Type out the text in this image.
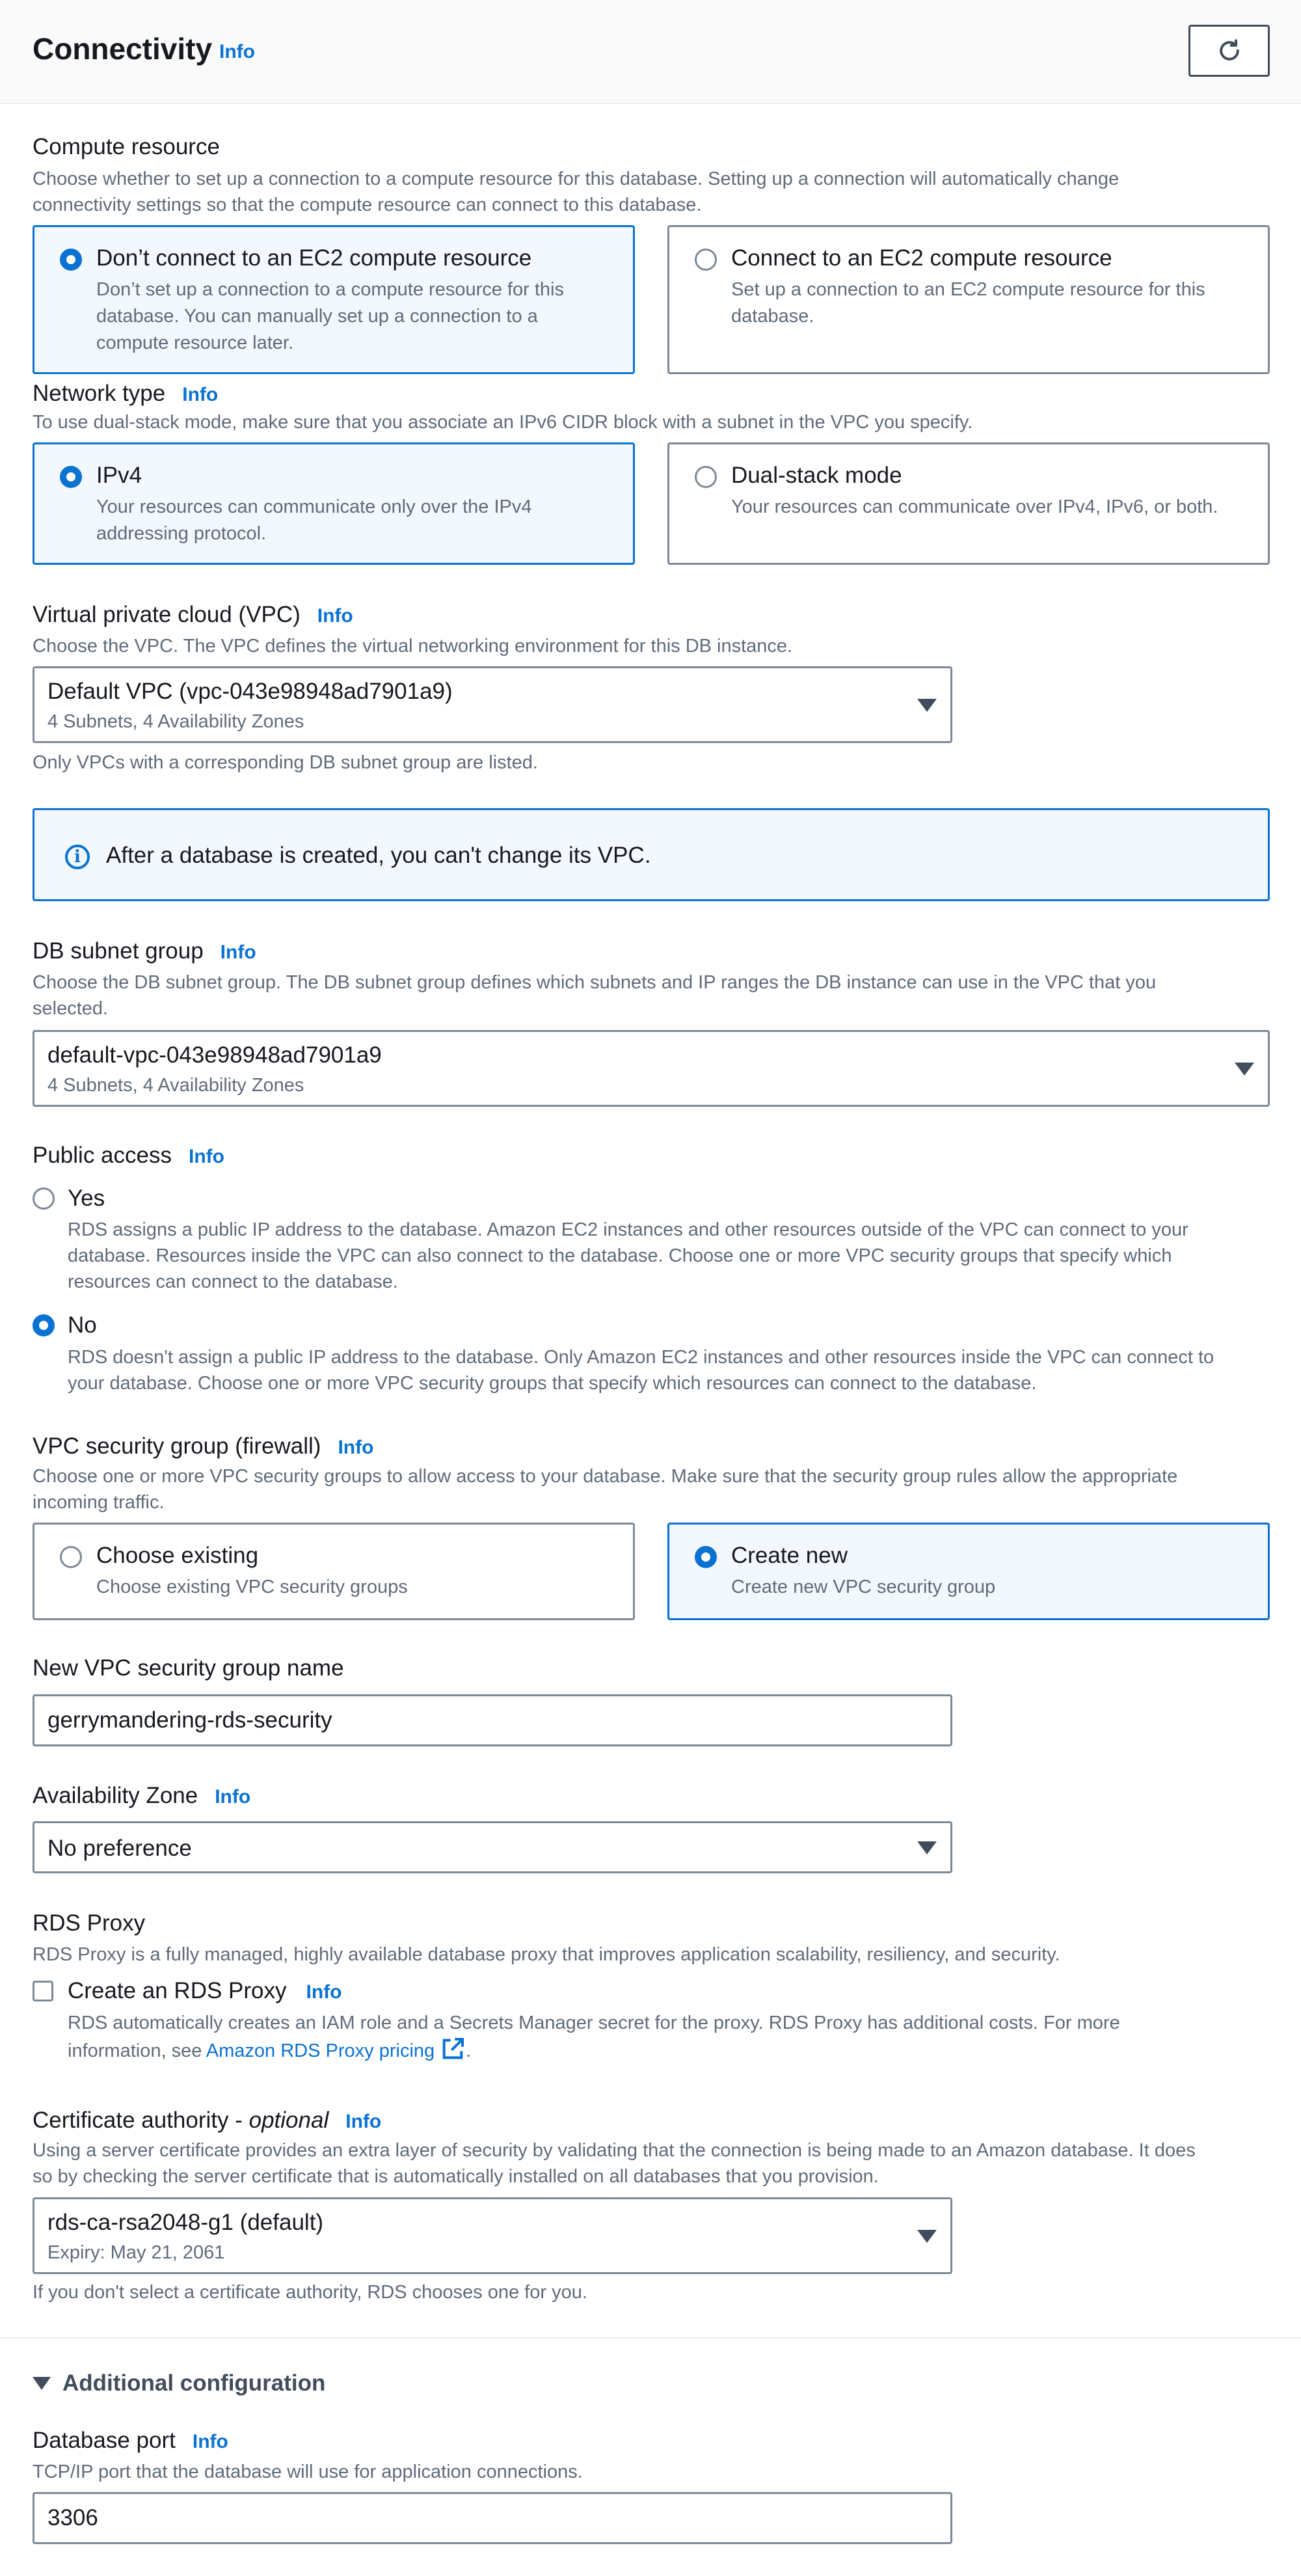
Connectivity Info
Compute resource
Choose whether to set up a connection to a compute resource for this database. Setting up a connection will automatically change
connectivity settings so that the compute resource can connect to this database.
Don’t connect to an EC2 compute resource
Don’t set up a connection to a compute resource for this
database. You can manually set up a connection to a
compute resource later.
Connect to an EC2 compute resource
Set up a connection to an EC2 compute resource for this
database.
Network type Info
To use dual-stack mode, make sure that you associate an IPv6 CIDR block with a subnet in the VPC you specify.
IPv4
Your resources can communicate only over the IPv4
addressing protocol.
Dual-stack mode
Your resources can communicate over IPv4, IPv6, or both.
Virtual private cloud (VPC) Info
Choose the VPC. The VPC defines the virtual networking environment for this DB instance.
Default VPC (vpc-043e98948ad7901a9)
4 Subnets, 4 Availability Zones
Only VPCs with a corresponding DB subnet group are listed.
i	After a database is created, you can't change its VPC.
DB subnet group Info
Choose the DB subnet group. The DB subnet group defines which subnets and IP ranges the DB instance can use in the VPC that you
selected.
default-vpc-043e98948ad7901a9
4 Subnets, 4 Availability Zones
Public access Info
Yes
RDS assigns a public IP address to the database. Amazon EC2 instances and other resources outside of the VPC can connect to your
database. Resources inside the VPC can also connect to the database. Choose one or more VPC security groups that specify which
resources can connect to the database.
No
RDS doesn't assign a public IP address to the database. Only Amazon EC2 instances and other resources inside the VPC can connect to
your database. Choose one or more VPC security groups that specify which resources can connect to the database.
VPC security group (firewall) Info
Choose one or more VPC security groups to allow access to your database. Make sure that the security group rules allow the appropriate
incoming traffic.
Choose existing
Choose existing VPC security groups
Create new
Create new VPC security group
New VPC security group name
gerrymandering-rds-security
Availability Zone Info
No preference
RDS Proxy
RDS Proxy is a fully managed, highly available database proxy that improves application scalability, resiliency, and security.
Create an RDS Proxy Info
RDS automatically creates an IAM role and a Secrets Manager secret for the proxy. RDS Proxy has additional costs. For more
information, see Amazon RDS Proxy pricing .
Certificate authority - optional Info
Using a server certificate provides an extra layer of security by validating that the connection is being made to an Amazon database. It does
so by checking the server certificate that is automatically installed on all databases that you provision.
rds-ca-rsa2048-g1 (default)
Expiry: May 21, 2061
If you don't select a certificate authority, RDS chooses one for you.
Additional configuration
Database port Info
TCP/IP port that the database will use for application connections.
3306
